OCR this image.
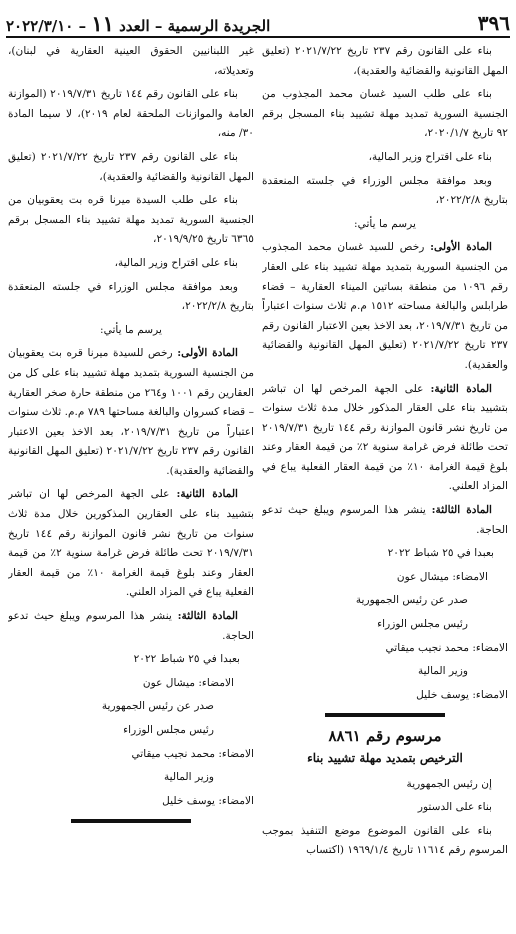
الجريدة الرسمية – العدد ١١ – ٢٠٢٢/٣/١٠	٣٩٦

بناء على القانون رقم ٢٣٧ تاريخ ٢٠٢١/٧/٢٢ (تعليق المهل القانونية والقضائية والعقدية)،

بناء على طلب السيد غسان محمد المجذوب من الجنسية السورية تمديد مهلة تشييد بناء المسجل برقم ٩٢ تاريخ ٢٠٢٠/١/٧،

بناء على اقتراح وزير المالية،

وبعد موافقة مجلس الوزراء في جلسته المنعقدة بتاريخ ٢٠٢٢/٢/٨،

يرسم ما يأتي:

المادة الأولى: رخص للسيد غسان محمد المجذوب من الجنسية السورية بتمديد مهلة تشييد بناء على العقار رقم ١٠٩٦ من منطقة بساتين الميناء العقارية – قضاء طرابلس والبالغة مساحته ١٥١٢ م.م ثلاث سنوات اعتباراً من تاريخ ٢٠١٩/٧/٣١، بعد الاخذ بعين الاعتبار القانون رقم ٢٣٧ تاريخ ٢٠٢١/٧/٢٢ (تعليق المهل القانونية والقضائية والعقدية).

المادة الثانية: على الجهة المرخص لها ان تباشر بتشييد بناء على العقار المذكور خلال مدة ثلاث سنوات من تاريخ نشر قانون الموازنة رقم ١٤٤ تاريخ ٢٠١٩/٧/٣١ تحت طائلة فرض غرامة سنوية ٢٪ من قيمة العقار وعند بلوغ قيمة الغرامة ١٠٪ من قيمة العقار الفعلية يباع في المزاد العلني.

المادة الثالثة: ينشر هذا المرسوم ويبلغ حيث تدعو الحاجة.

بعبدا في ٢٥ شباط ٢٠٢٢

الامضاء: ميشال عون

صدر عن رئيس الجمهورية

رئيس مجلس الوزراء

الامضاء: محمد نجيب ميقاتي

وزير المالية

الامضاء: يوسف خليل

مرسوم رقم ٨٨٦١
الترخيص بتمديد مهلة تشييد بناء

إن رئيس الجمهورية

بناء على الدستور

بناء على القانون الموضوع موضع التنفيذ بموجب المرسوم رقم ١١٦١٤ تاريخ ١٩٦٩/١/٤ (اكتساب

غير اللبنانيين الحقوق العينية العقارية في لبنان)، وتعديلاته،

بناء على القانون رقم ١٤٤ تاريخ ٢٠١٩/٧/٣١ (الموازنة العامة والموازنات الملحقة لعام ٢٠١٩)، لا سيما المادة ٣٠/ منه،

بناء على القانون رقم ٢٣٧ تاريخ ٢٠٢١/٧/٢٢ (تعليق المهل القانونية والقضائية والعقدية)،

بناء على طلب السيدة ميرنا قره بت يعقوبيان من الجنسية السورية تمديد مهلة تشييد بناء المسجل برقم ٦٣٦٥ تاريخ ٢٠١٩/٩/٢٥،

بناء على اقتراح وزير المالية،

وبعد موافقة مجلس الوزراء في جلسته المنعقدة بتاريخ ٢٠٢٢/٢/٨،

يرسم ما يأتي:

المادة الأولى: رخص للسيدة ميرنا قره بت يعقوبيان من الجنسية السورية بتمديد مهلة تشييد بناء على كل من العقارين رقم ١٠٠١ و٢٦٤ من منطقة حارة صخر العقارية – قضاء كسروان والبالغة مساحتها ٧٨٩ م.م. ثلاث سنوات اعتباراً من تاريخ ٢٠١٩/٧/٣١، بعد الاخذ بعين الاعتبار القانون رقم ٢٣٧ تاريخ ٢٠٢١/٧/٢٢ (تعليق المهل القانونية والقضائية والعقدية).

المادة الثانية: على الجهة المرخص لها ان تباشر بتشييد بناء على العقارين المذكورين خلال مدة ثلاث سنوات من تاريخ نشر قانون الموازنة رقم ١٤٤ تاريخ ٢٠١٩/٧/٣١ تحت طائلة فرض غرامة سنوية ٢٪ من قيمة العقار وعند بلوغ قيمة الغرامة ١٠٪ من قيمة العقار الفعلية يباع في المزاد العلني.

المادة الثالثة: ينشر هذا المرسوم ويبلغ حيث تدعو الحاجة.

بعبدا في ٢٥ شباط ٢٠٢٢

الامضاء: ميشال عون

صدر عن رئيس الجمهورية

رئيس مجلس الوزراء

الامضاء: محمد نجيب ميقاتي

وزير المالية

الامضاء: يوسف خليل
